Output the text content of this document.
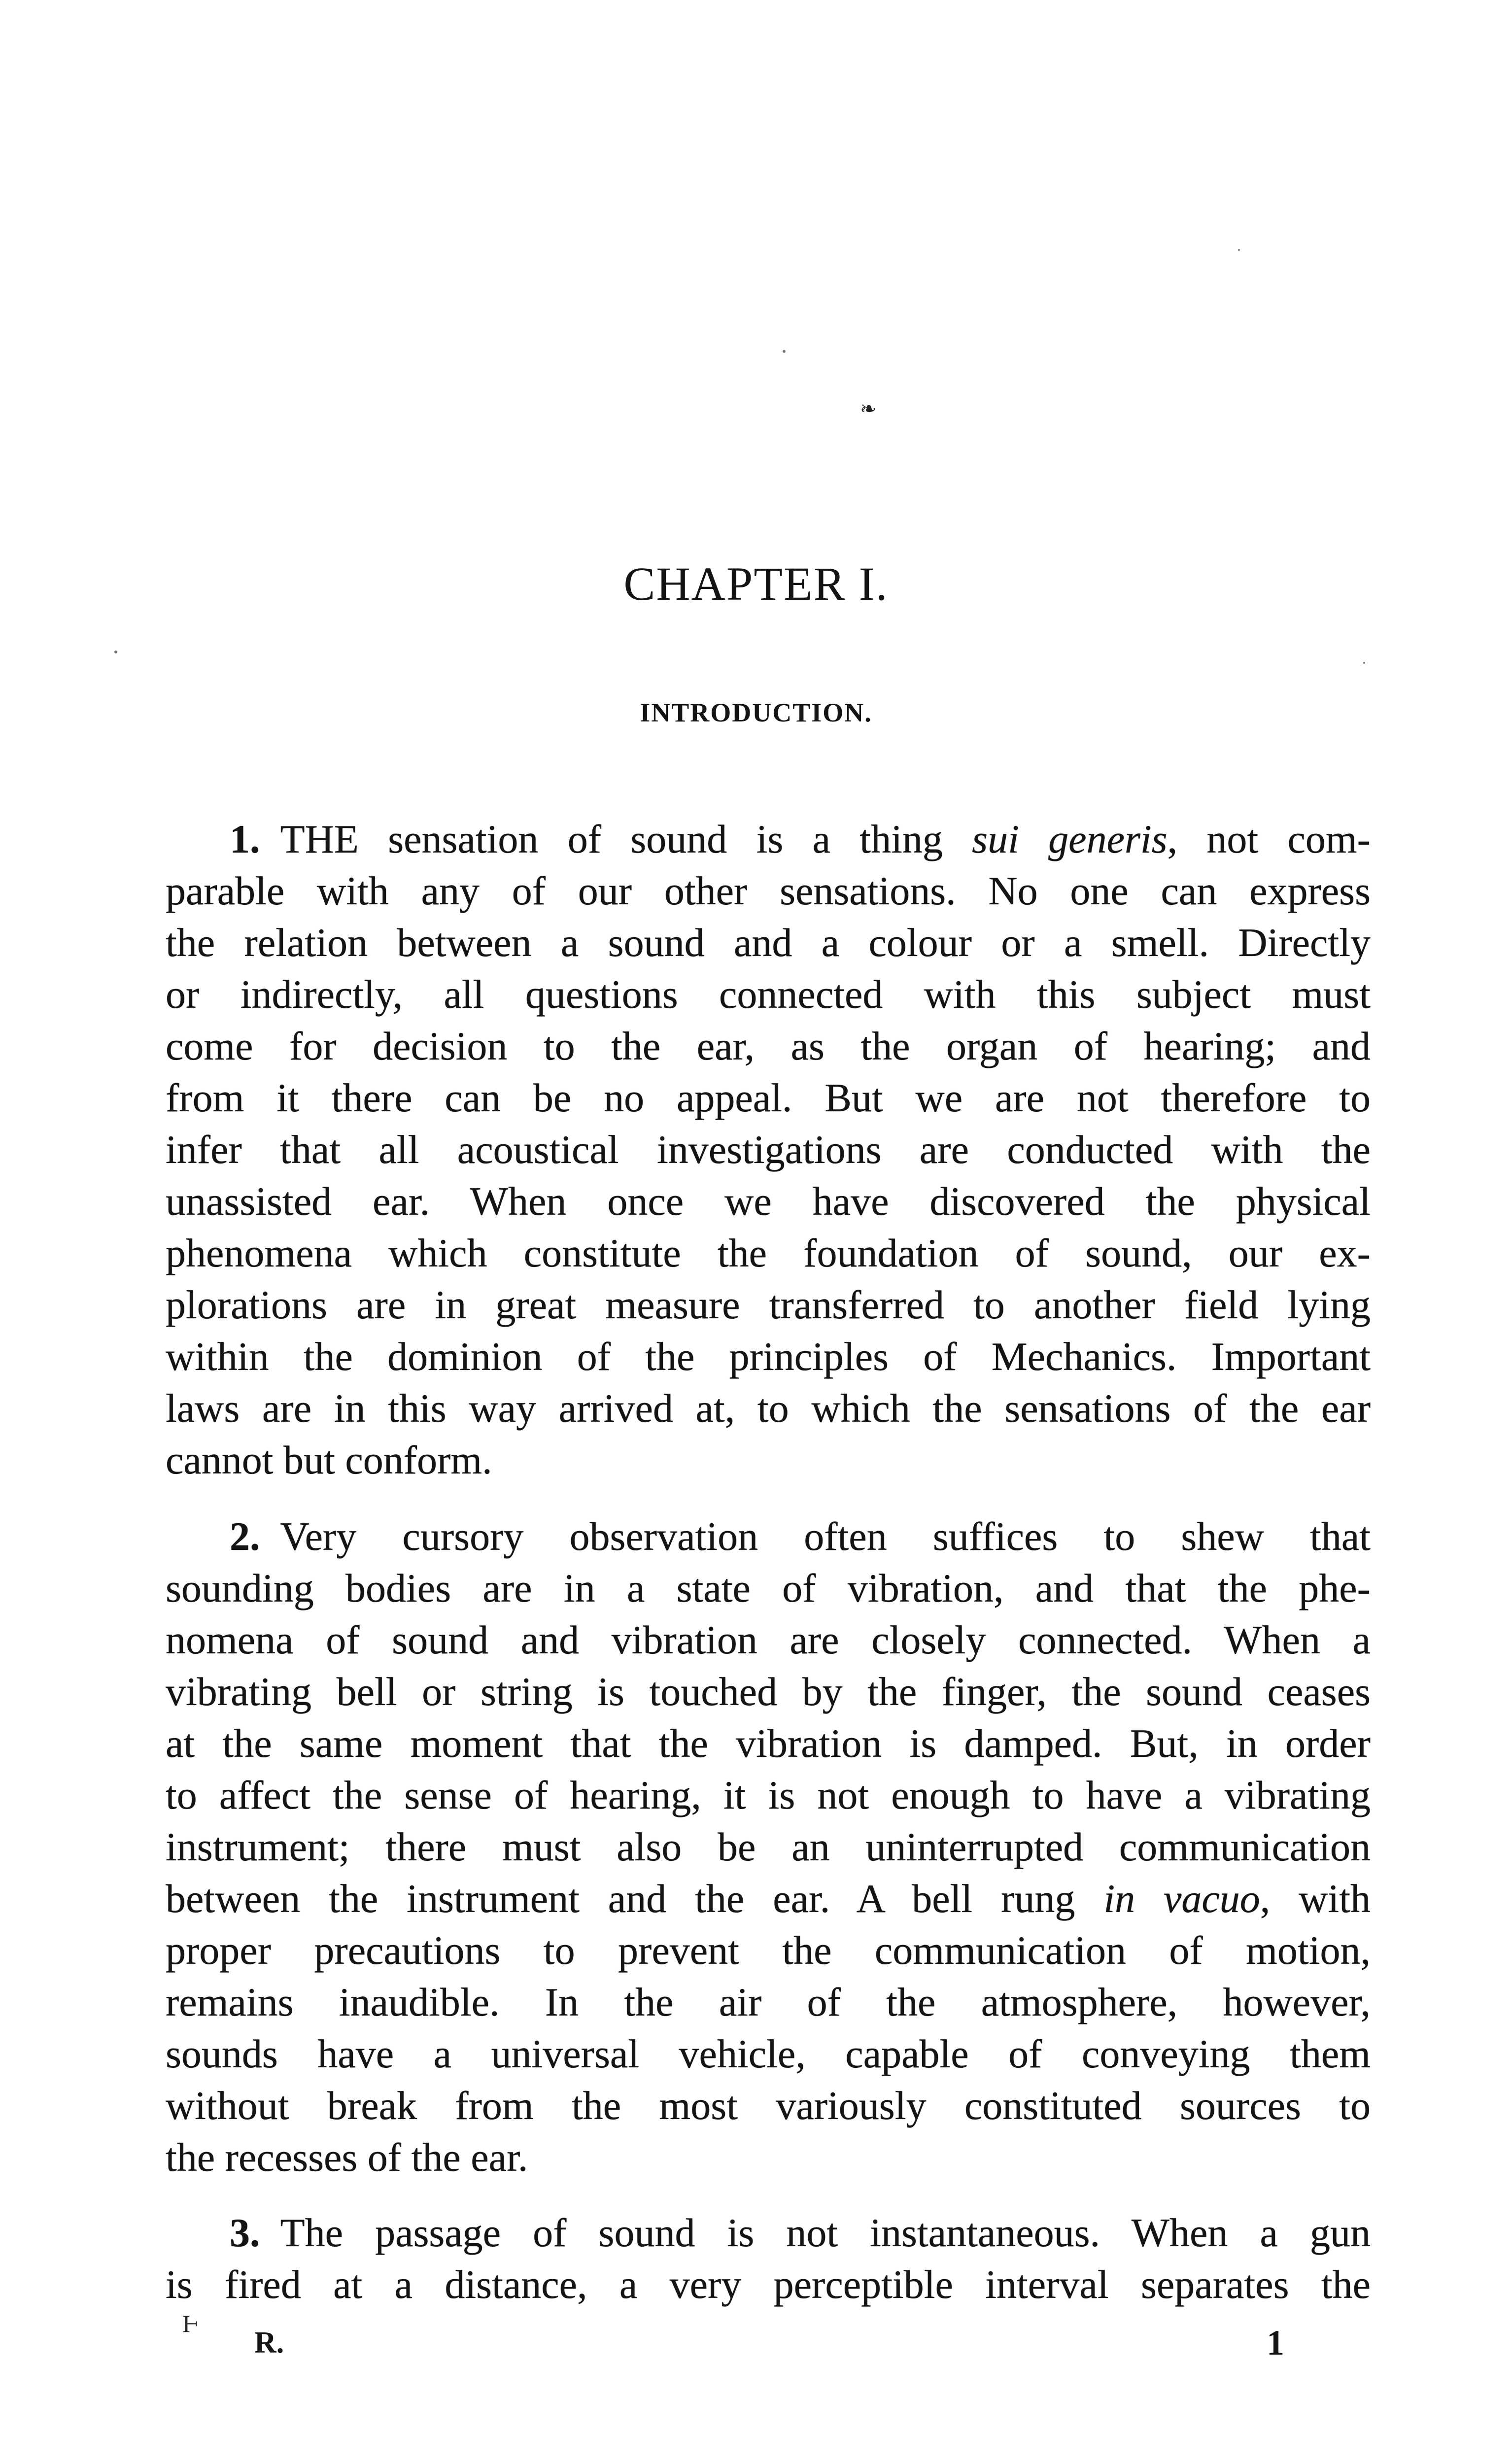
❧
Ⱶ
CHAPTER I.
INTRODUCTION.
1.  THE sensation of sound is a thing sui generis, not com-
parable with any of our other sensations. No one can express
the relation between a sound and a colour or a smell. Directly
or indirectly, all questions connected with this subject must
come for decision to the ear, as the organ of hearing; and
from it there can be no appeal. But we are not therefore to
infer that all acoustical investigations are conducted with the
unassisted ear. When once we have discovered the physical
phenomena which constitute the foundation of sound, our ex-
plorations are in great measure transferred to another field lying
within the dominion of the principles of Mechanics. Important
laws are in this way arrived at, to which the sensations of the ear
cannot but conform.
2.  Very cursory observation often suffices to shew that
sounding bodies are in a state of vibration, and that the phe-
nomena of sound and vibration are closely connected. When a
vibrating bell or string is touched by the finger, the sound ceases
at the same moment that the vibration is damped. But, in order
to affect the sense of hearing, it is not enough to have a vibrating
instrument; there must also be an uninterrupted communication
between the instrument and the ear. A bell rung in vacuo, with
proper precautions to prevent the communication of motion,
remains inaudible. In the air of the atmosphere, however,
sounds have a universal vehicle, capable of conveying them
without break from the most variously constituted sources to
the recesses of the ear.
3.  The passage of sound is not instantaneous. When a gun
is fired at a distance, a very perceptible interval separates the
R.	1
